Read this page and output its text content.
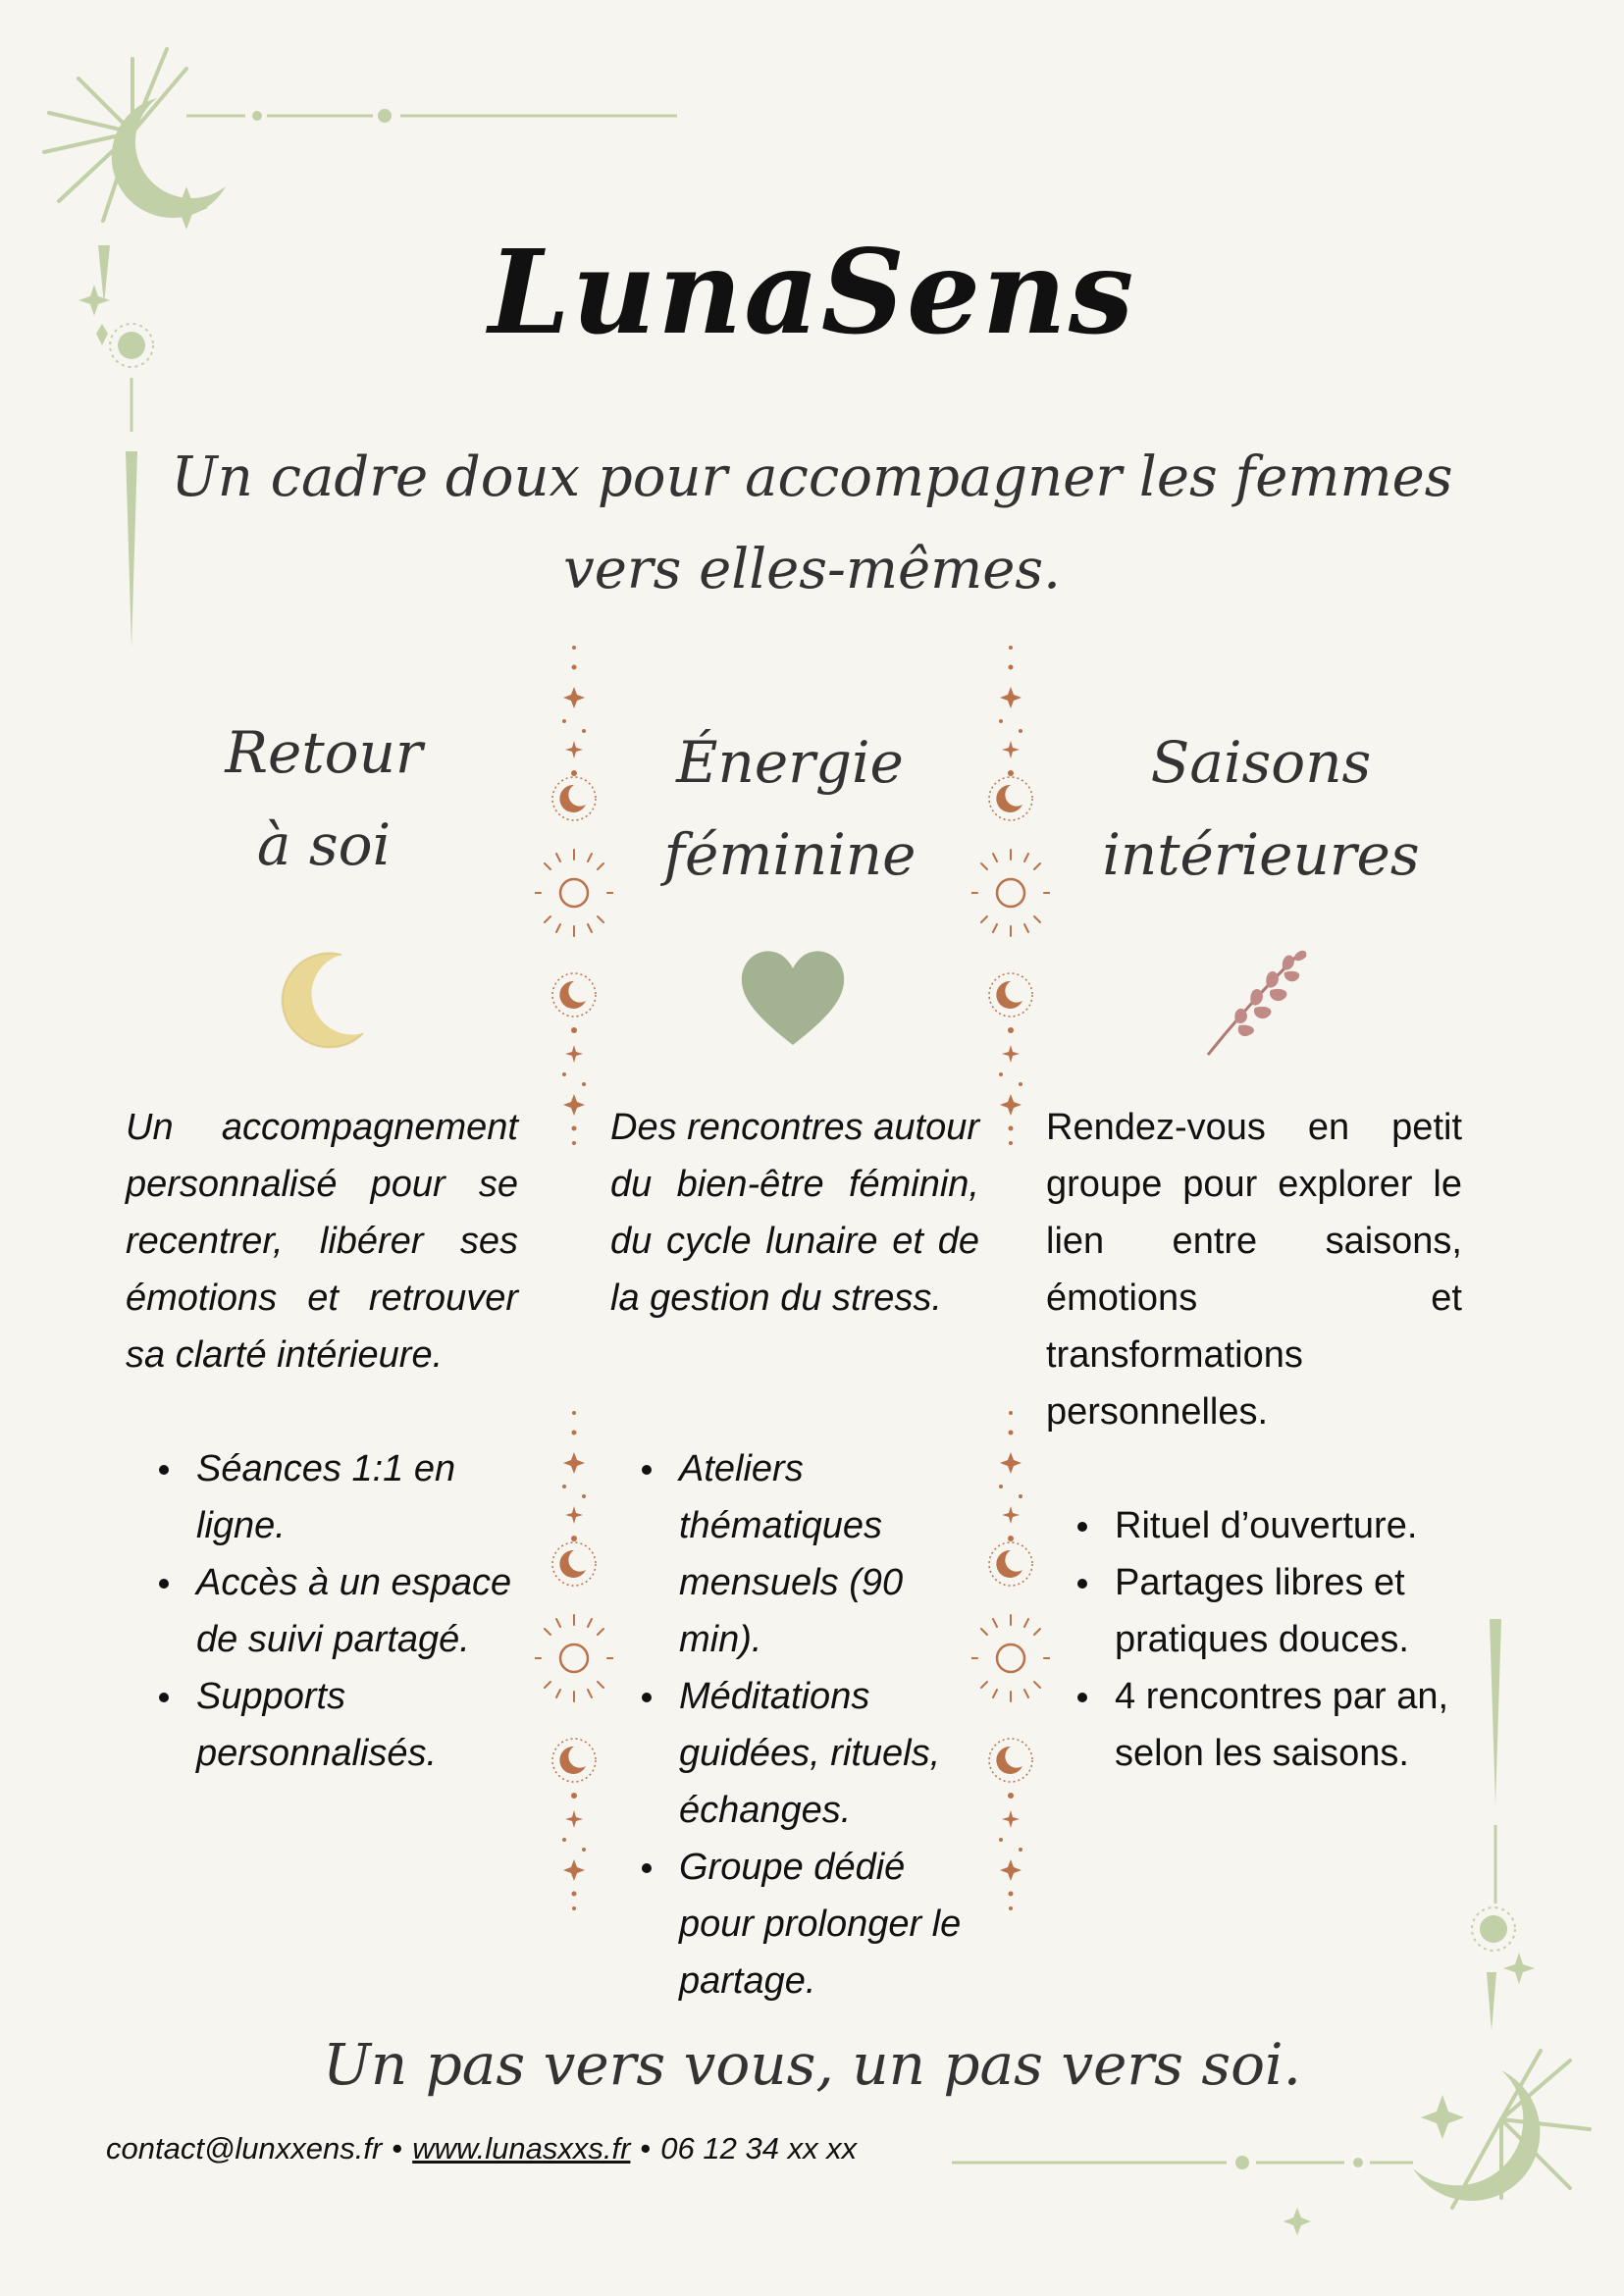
LunaSens
Un cadre doux pour accompagner les femmes vers elles-mêmes.
Retour
à soi
Un accompagnement personnalisé pour se recentrer, libérer ses émotions et retrouver sa clarté intérieure.
Séances 1:1 en ligne.
Accès à un espace de suivi partagé.
Supports personnalisés.
Énergie
féminine
Des rencontres autour du bien-être féminin, du cycle lunaire et de la gestion du stress.
Ateliers thématiques mensuels (90 min).
Méditations guidées, rituels, échanges.
Groupe dédié pour prolonger le partage.
Saisons
intérieures
Rendez-vous en petit groupe pour explorer le lien entre saisons, émotions et transformations personnelles.
Rituel d’ouverture.
Partages libres et pratiques douces.
4 rencontres par an, selon les saisons.
Un pas vers vous, un pas vers soi.
contact@lunxxens.fr • www.lunasxxs.fr • 06 12 34 xx xx
